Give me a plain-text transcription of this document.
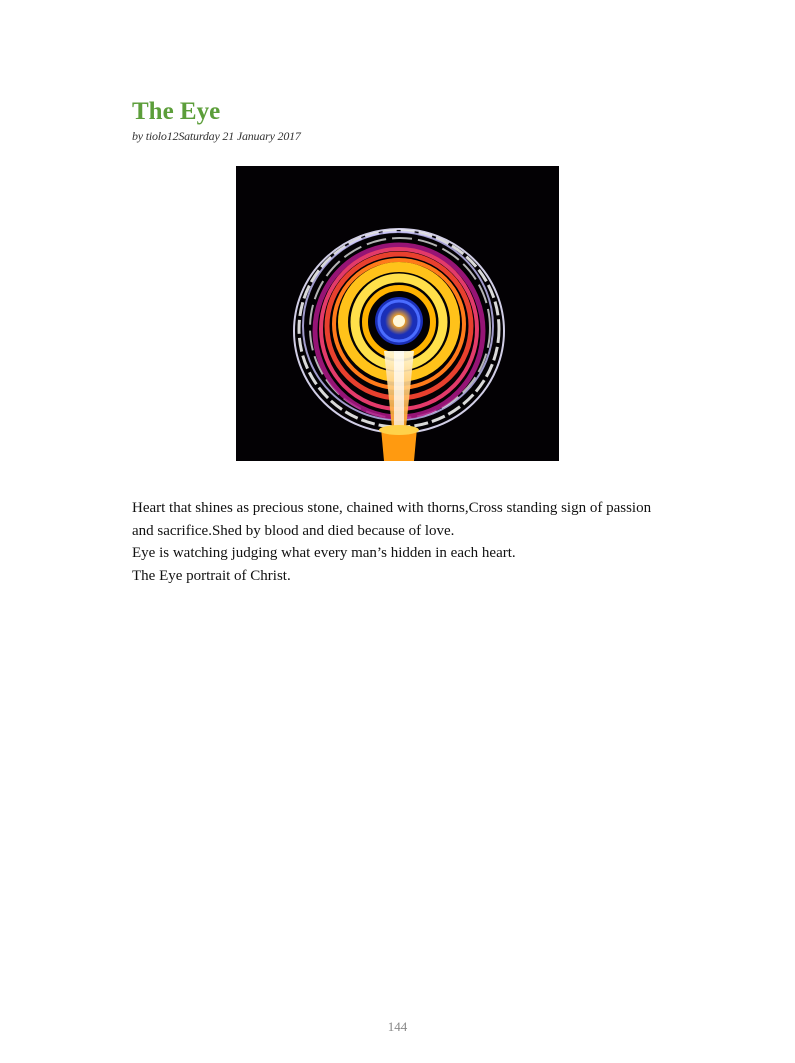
The Eye
by tiolo12Saturday 21 January 2017

Heart that shines as precious stone, chained with thorns,Cross standing sign of passion and sacrifice.Shed by blood and died because of love.

Eye is watching judging what every man’s hidden in each heart.

The Eye portrait of Christ.

144
